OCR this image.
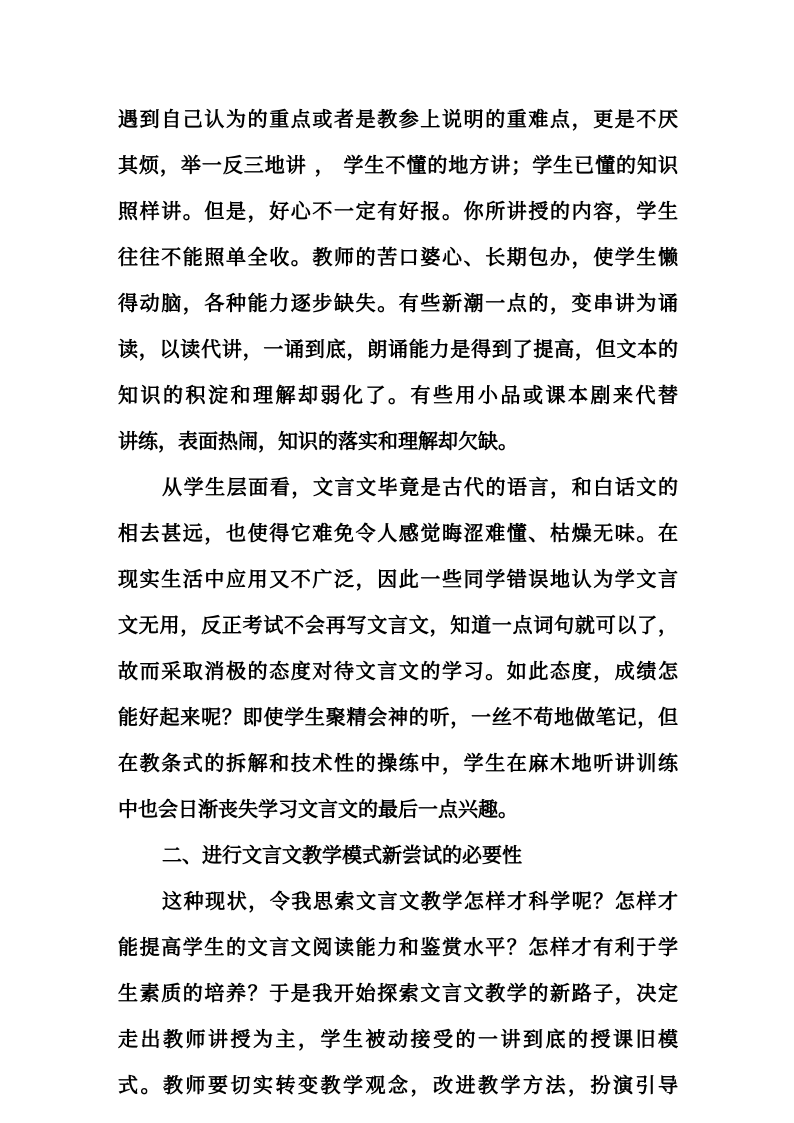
遇到自己认为的重点或者是教参上说明的重难点，更是不厌
其烦，举一反三地讲 ， 学生不懂的地方讲；学生已懂的知识
照样讲。但是，好心不一定有好报。你所讲授的内容，学生
往往不能照单全收。教师的苦口婆心、长期包办，使学生懒
得动脑，各种能力逐步缺失。有些新潮一点的，变串讲为诵
读，以读代讲，一诵到底，朗诵能力是得到了提高，但文本的
知识的积淀和理解却弱化了。有些用小品或课本剧来代替
讲练，表面热闹，知识的落实和理解却欠缺。
从学生层面看，文言文毕竟是古代的语言，和白话文的
相去甚远，也使得它难免令人感觉晦涩难懂、枯燥无味。在
现实生活中应用又不广泛，因此一些同学错误地认为学文言
文无用，反正考试不会再写文言文，知道一点词句就可以了，
故而采取消极的态度对待文言文的学习。如此态度，成绩怎
能好起来呢？即使学生聚精会神的听，一丝不苟地做笔记，但
在教条式的拆解和技术性的操练中，学生在麻木地听讲训练
中也会日渐丧失学习文言文的最后一点兴趣。
二、进行文言文教学模式新尝试的必要性
这种现状，令我思索文言文教学怎样才科学呢？怎样才
能提高学生的文言文阅读能力和鉴赏水平？怎样才有利于学
生素质的培养？于是我开始探索文言文教学的新路子，决定
走出教师讲授为主，学生被动接受的一讲到底的授课旧模
式。教师要切实转变教学观念，改进教学方法，扮演引导
